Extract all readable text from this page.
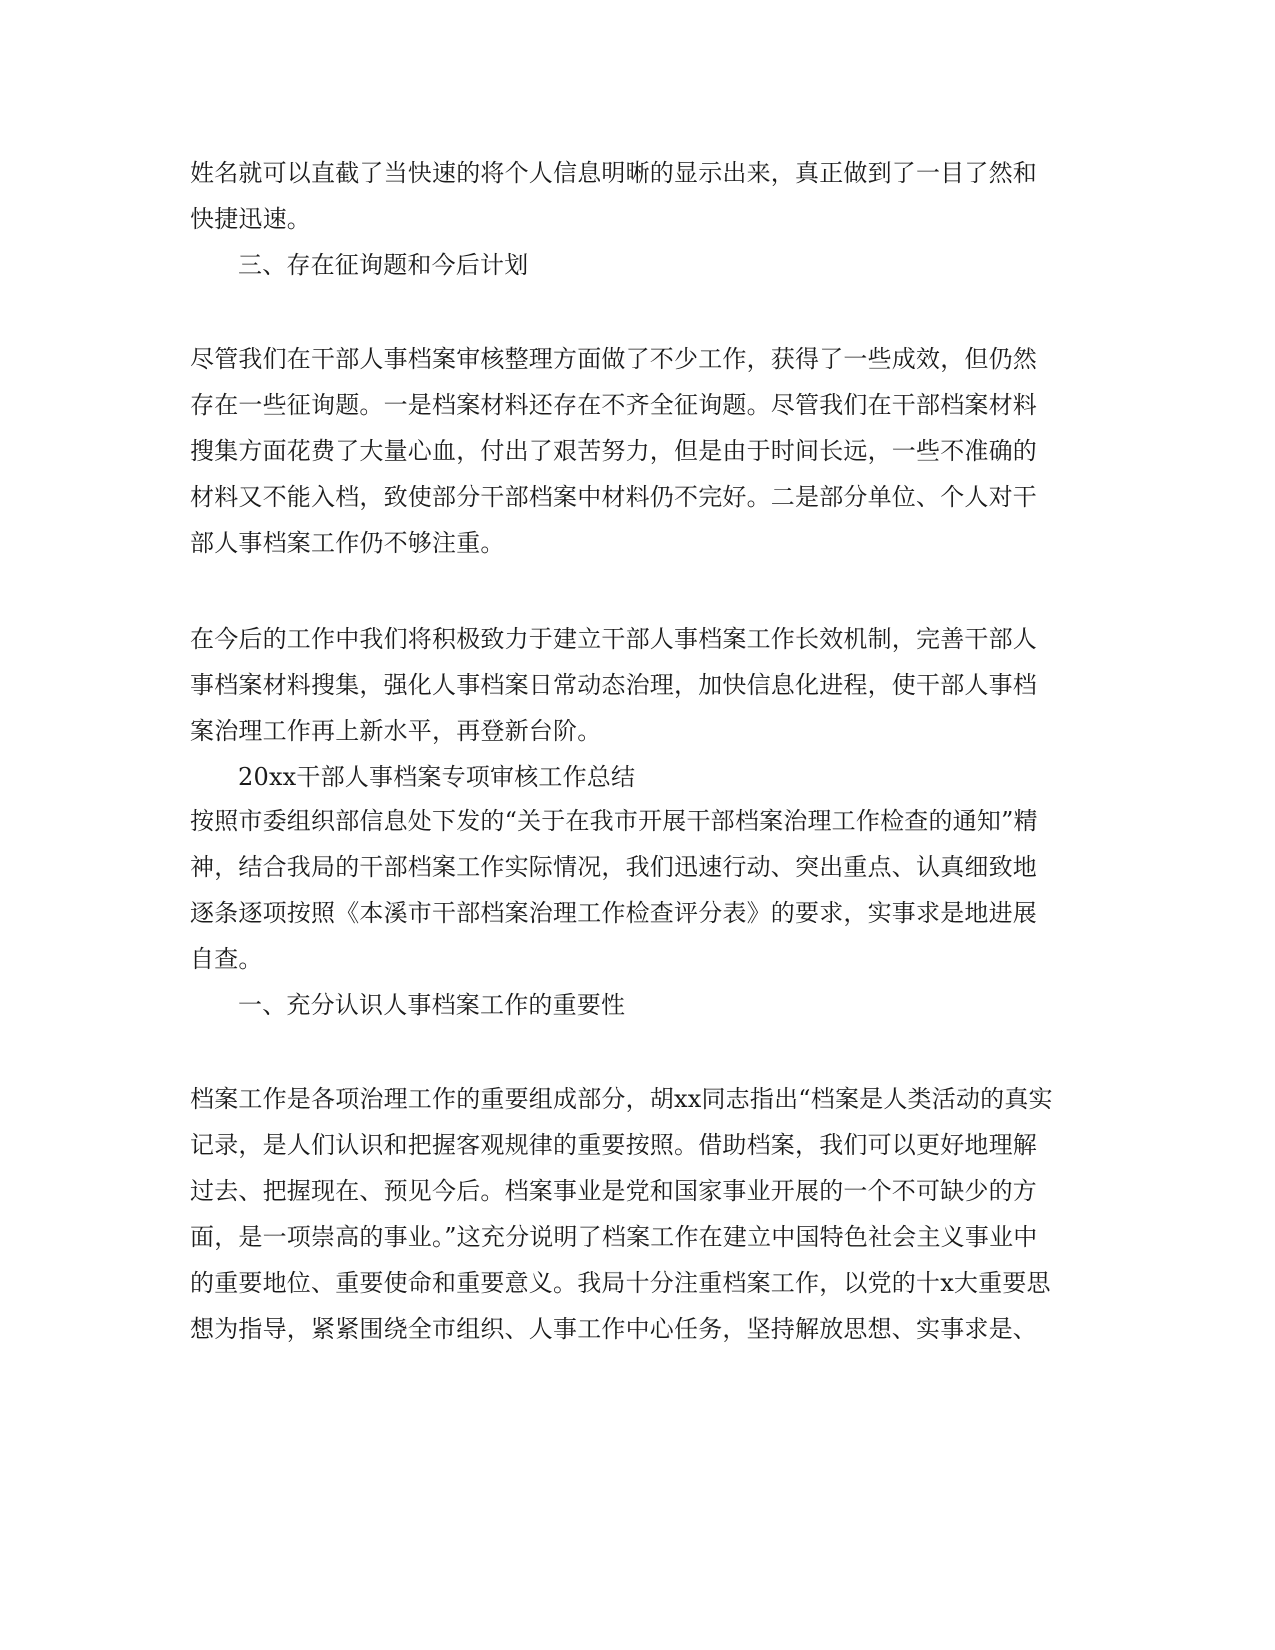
姓名就可以直截了当快速的将个人信息明晰的显示出来，真正做到了一目了然和

快捷迅速。

三、存在征询题和今后计划

尽管我们在干部人事档案审核整理方面做了不少工作，获得了一些成效，但仍然

存在一些征询题。一是档案材料还存在不齐全征询题。尽管我们在干部档案材料

搜集方面花费了大量心血，付出了艰苦努力，但是由于时间长远，一些不准确的

材料又不能入档，致使部分干部档案中材料仍不完好。二是部分单位、个人对干

部人事档案工作仍不够注重。

在今后的工作中我们将积极致力于建立干部人事档案工作长效机制，完善干部人

事档案材料搜集，强化人事档案日常动态治理，加快信息化进程，使干部人事档

案治理工作再上新水平，再登新台阶。

20xx干部人事档案专项审核工作总结

按照市委组织部信息处下发的“关于在我市开展干部档案治理工作检查的通知”精

神，结合我局的干部档案工作实际情况，我们迅速行动、突出重点、认真细致地

逐条逐项按照《本溪市干部档案治理工作检查评分表》的要求，实事求是地进展

自查。

一、充分认识人事档案工作的重要性

档案工作是各项治理工作的重要组成部分，胡xx同志指出“档案是人类活动的真实

记录，是人们认识和把握客观规律的重要按照。借助档案，我们可以更好地理解

过去、把握现在、预见今后。档案事业是党和国家事业开展的一个不可缺少的方

面，是一项崇高的事业。”这充分说明了档案工作在建立中国特色社会主义事业中

的重要地位、重要使命和重要意义。我局十分注重档案工作，以党的十x大重要思

想为指导，紧紧围绕全市组织、人事工作中心任务，坚持解放思想、实事求是、
